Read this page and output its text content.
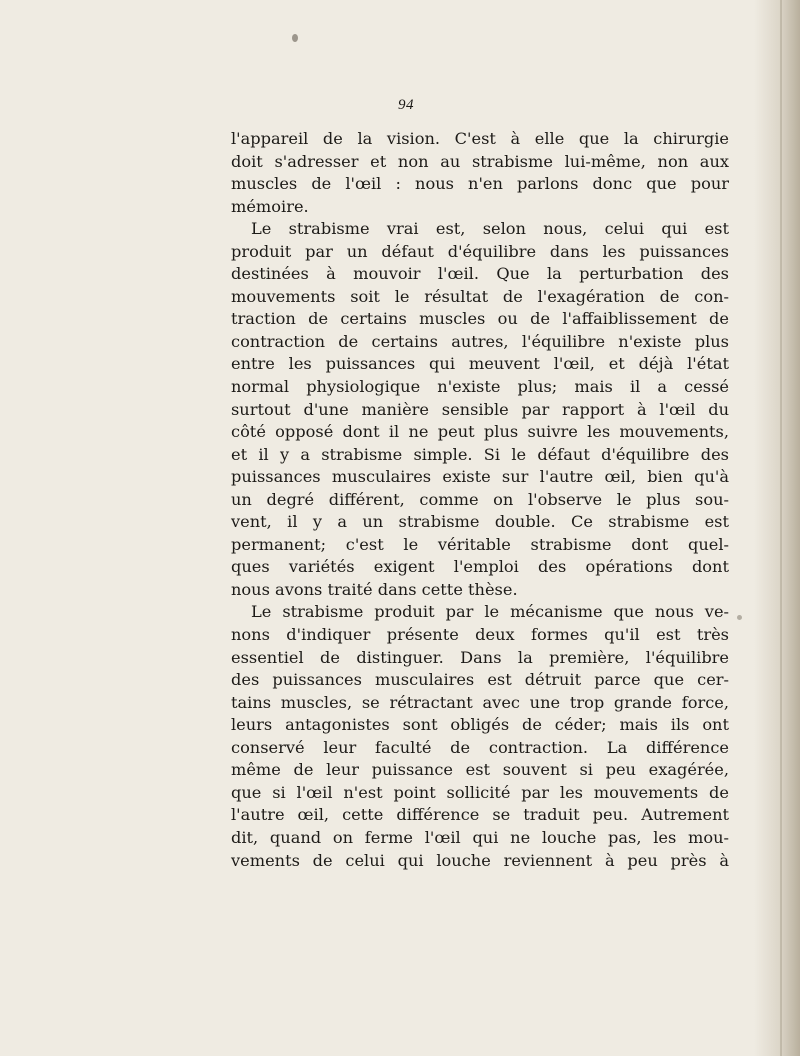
94
l'appareil de la vision. C'est à elle que la chirurgie
doit s'adresser et non au strabisme lui-même, non aux
muscles de l'œil : nous n'en parlons donc que pour
mémoire.
Le strabisme vrai est, selon nous, celui qui est
produit par un défaut d'équilibre dans les puissances
destinées à mouvoir l'œil. Que la perturbation des
mouvements soit le résultat de l'exagération de con-
traction de certains muscles ou de l'affaiblissement de
contraction de certains autres, l'équilibre n'existe plus
entre les puissances qui meuvent l'œil, et déjà l'état
normal physiologique n'existe plus; mais il a cessé
surtout d'une manière sensible par rapport à l'œil du
côté opposé dont il ne peut plus suivre les mouvements,
et il y a strabisme simple. Si le défaut d'équilibre des
puissances musculaires existe sur l'autre œil, bien qu'à
un degré différent, comme on l'observe le plus sou-
vent, il y a un strabisme double. Ce strabisme est
permanent; c'est le véritable strabisme dont quel-
ques variétés exigent l'emploi des opérations dont
nous avons traité dans cette thèse.
Le strabisme produit par le mécanisme que nous ve-
nons d'indiquer présente deux formes qu'il est très
essentiel de distinguer. Dans la première, l'équilibre
des puissances musculaires est détruit parce que cer-
tains muscles, se rétractant avec une trop grande force,
leurs antagonistes sont obligés de céder; mais ils ont
conservé leur faculté de contraction. La différence
même de leur puissance est souvent si peu exagérée,
que si l'œil n'est point sollicité par les mouvements de
l'autre œil, cette différence se traduit peu. Autrement
dit, quand on ferme l'œil qui ne louche pas, les mou-
vements de celui qui louche reviennent à peu près à
